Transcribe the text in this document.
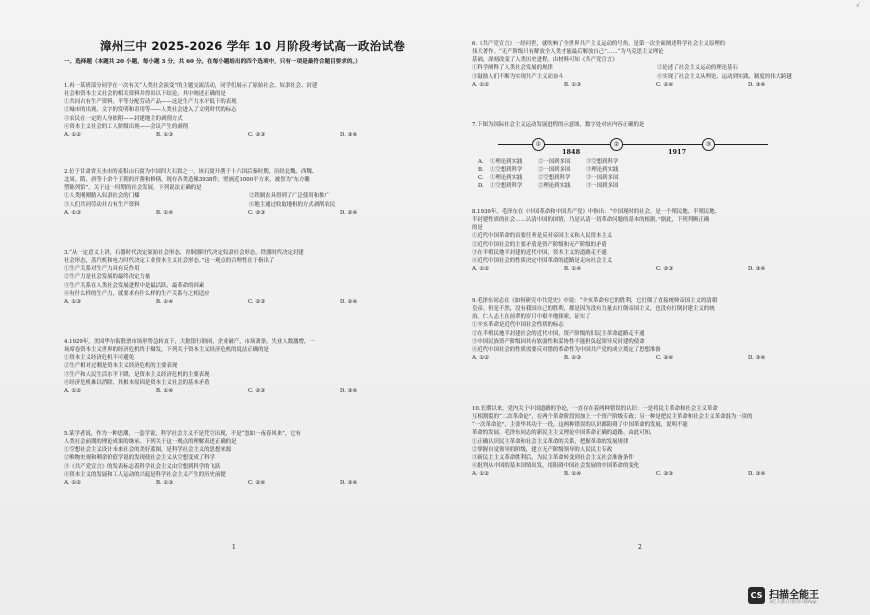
√
漳州三中 2025-2026 学年 10 月阶段考试高一政治试卷
一、选择题（本题共 20 小题，每小题 3 分，共 60 分。在每小题给出的四个选项中，只有一项是最符合题目要求的。）
1.再一某班部分同学在一次有关“人类社会演变”的主题交流活动，同学们展示了原始社会、奴隶社会、封建
社会和资本主义社会的相关资料并得出以下结论，其中阐述正确的是
①共同占有生产资料，平等分配劳动产品——这是生产力水平低下的表现
②城市的出现、文字的发明和奇用等——人类社会进入了文明时代的标志
③农民在一定的人身依附——封建地主的剥削方式
④资本主义社会的工人阶级出现——会议产生的剥削
A. ①②	B. ①③	C. ②③	D. ③④
2.位于甘肃省天水市的麦积山石窟为中国四大石窟之一，该石窟开凿于十六国后秦时期，历经北魏、西魏、
北周、隋、唐等十余个王朝的开凿和修缮，现存各类造像3938件，壁画近1000平方米，被誉为“东方雕
塑陈列馆”。关于这一时期的社会发展，下列说法正确的是
①人类刚刚踏入奴隶社会的门槛	②铁制农具得到了广泛使用和推广
③人们共同劳动并占有生产资料	④地主通过收取地租的方式剥削农民
A. ①③	B. ①④	C. ②③	D. ②④
3.“从一定意义上讲，石器时代决定原始社会形态，青铜器时代决定奴隶社会形态，铁器时代决定封建
社会形态，蒸汽机和电力时代决定工业资本主义社会形态。”这一观点的合理性在于指出了
①生产关系对生产力具有反作用
②生产力是社会发展的最终决定力量
③生产关系在人类社会发展进程中是最活跃、最革命的因素
④有什么样的生产力，就要求有什么样的生产关系与之相适应
A. ①③	B. ①④	C. ②③	D. ②④
4.1929年，美国华尔街股票市场形势急转直下，大批银行倒闭，企业破产，市场萧条，失业人数激增，一
场席卷资本主义世界的经济危机终于爆发。下列关于资本主义经济危机的说法正确的是
①资本主义经济危机不可避免
②生产相对过剩是资本主义经济危机的主要表现
③生产和人民生活水平下降，是资本主义经济危机的主要表现
④经济危机难以消除，其根本原因是资本主义社会的基本矛盾
A. ①②	B. ①④	C. ②③	D. ③④
5.某学者说，作为一种思潮，一套学说，科学社会主义不是凭空出现，不是“忽如一夜春风来”，它有
人类社会前期的理论成果的继承。下列关于这一观点的理解表述正确的是
①空想社会主义设计未来社会的美好蓝图，是科学社会主义的思想来源
②唯物史观和剩余价值学说的发现使社会主义从空想变成了科学
③《共产党宣言》的发表标志着科学社会主义由空想到科学的飞跃
④资本主义的发展和工人运动的兴起是科学社会主义产生的历史前提
A. ①②	B. ①③	C. ②④	D. ③④
1
6.《共产党宣言》一经问世，就吹响了全世界共产主义运动的号角，是第一次全面阐述科学社会主义原理的
伟大著作。“无产阶级只有解放全人类才能最后解放自己”……“为马克思主义理论
基础，深刻改变了人类历史进程。由材料可知《共产党宣言》
①科学阐释了人类社会发展的规律	②论述了社会主义运动的理论基石
③鼓励人们不断为实现共产主义而奋斗	④实现了社会主义从理论、运动到实践、制度的伟大跨越
A. ①②	B. ①③	C. ②④	D. ③④
7.下图为国际社会主义运动发展进程的示意图，数字处对应内容正确的是
①	②	③
1848	1917
A. ①理论到实践	②一国到多国	③空想到科学
B. ①空想到科学	②一国到多国	③理论到实践
C. ①理论到实践	②空想到科学	③一国到多国
D. ①空想到科学	②理论到实践	③一国到多国
8.1939年，毛泽东在《中国革命和中国共产党》中指出：“中国现时的社会，是一个殖民地、半殖民地、
半封建性质的社会……认清中国的国情，乃是认清一切革命问题的基本的根据。”据此，下列判断正确
的是
①近代中国革命的首要任务是反对帝国主义和人民资本主义
②近代中国社会的主要矛盾是资产阶级和无产阶级的矛盾
③在半殖民地半封建的近代中国，资本主义的道路走不通
④近代中国社会的性质决定中国革命的道路是走向社会主义
A. ①②	B. ①④	C. ②③	D. ③④
9.毛泽东同志在《如何研究中共党史》中说：“辛亥革命有它的胜利，它打倒了直接统帅帝国主义的清朝
皇帝。但是不然，没有我国自己的胜利，都是因为没有力量去打倒帝国主义，也没有打倒封建主义的统
治。仁人志士在前辈的岁月中艰辛地探索，证实了
①辛亥革命是近代中国社会性质的标志
②在半殖民地半封建社会的近代中国，资产阶级的旧民主革命道路走不通
③中国民族资产阶级因其有软弱性和妥协性不能担负起领导反封建的使命
④近代中国社会的性质需要反对错的革命性为中国共产党的成立奠定了思想准备
A. ①②	B. ①③	C. ②④	D. ③④
10.长期以来，党内关于中国道路的争论，一直存在着两种错误的认识：一是将民主革命和社会主义革命
互相割裂的“二次革命论”，在两个革命阶段间加上一个资产阶级专政；另一种是把民主革命和社会主义革命混为一谈的
“一次革命论”，主张毕其功于一役。这两种错误的认识都阻碍了中国革命的发展，说明不能
革命的发展。毛泽东同志的新民主主义理论中国革命正确的道路。由此可知，
①正确认识民主革命和社会主义革命的关系，把握革命的发展规律
②掌握自觉领导的阶级，建立无产阶级领导的人民民主专政
③新民主主义革命胜利后，为民主革命转变到社会主义社会准备条件
④批判从中国的基本国情出发，用阻碍中国社会发展的中国革命的变化
A. ①②	B. ①④	C. ②③	D. ③④
2
CS 扫描全能王
3亿人都在用的扫描App
